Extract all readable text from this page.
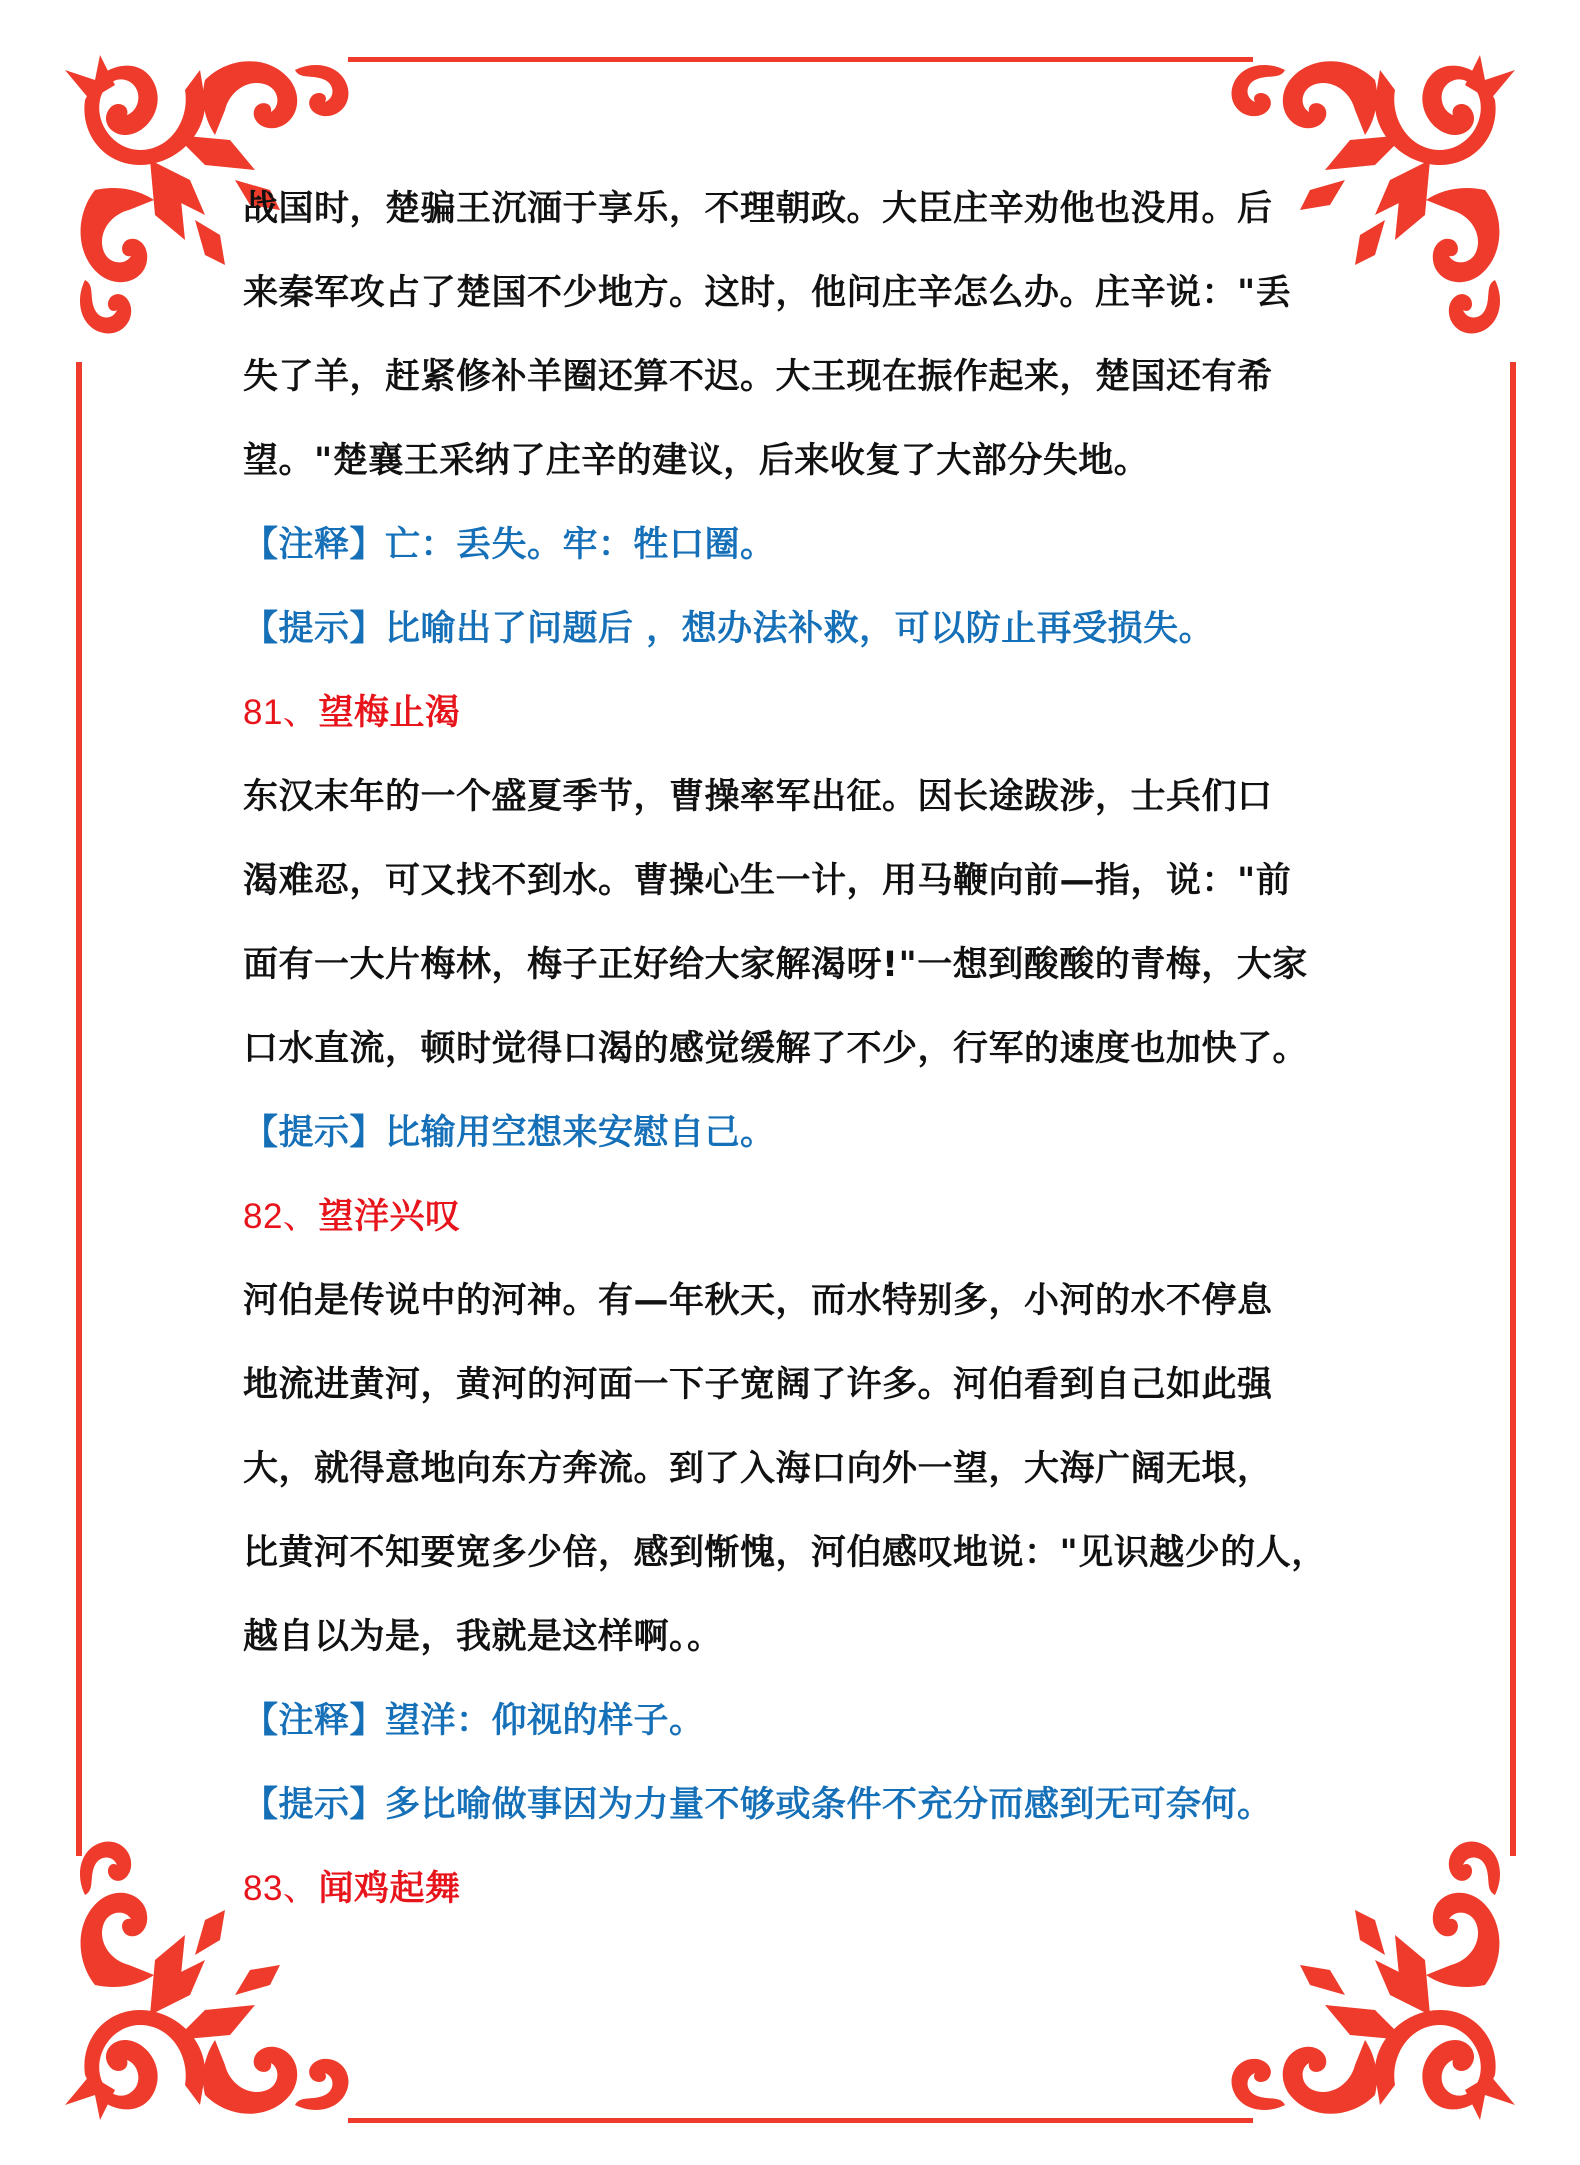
战国时，楚骗王沉湎于享乐，不理朝政。大臣庄辛劝他也没用。后
来秦军攻占了楚国不少地方。这时，他问庄辛怎么办。庄辛说："丢
失了羊，赶紧修补羊圈还算不迟。大王现在振作起来，楚国还有希
望。"楚襄王采纳了庄辛的建议，后来收复了大部分失地。
【注释】亡：丢失。牢：牲口圈。
【提示】比喻出了问题后 ，想办法补救，可以防止再受损失。
81、望梅止渴
东汉末年的一个盛夏季节，曹操率军出征。因长途跋涉，士兵们口
渴难忍，可又找不到水。曹操心生一计，用马鞭向前—指，说："前
面有一大片梅林，梅子正好给大家解渴呀!"一想到酸酸的青梅，大家
口水直流，顿时觉得口渴的感觉缓解了不少，行军的速度也加快了。
【提示】比输用空想来安慰自己。
82、望洋兴叹
河伯是传说中的河神。有—年秋天，而水特别多，小河的水不停息
地流进黄河，黄河的河面一下子宽阔了许多。河伯看到自己如此强
大，就得意地向东方奔流。到了入海口向外一望，大海广阔无垠，
比黄河不知要宽多少倍，感到惭愧，河伯感叹地说："见识越少的人，
越自以为是，我就是这样啊。。
【注释】望洋：仰视的样子。
【提示】多比喻做事因为力量不够或条件不充分而感到无可奈何。
83、闻鸡起舞
